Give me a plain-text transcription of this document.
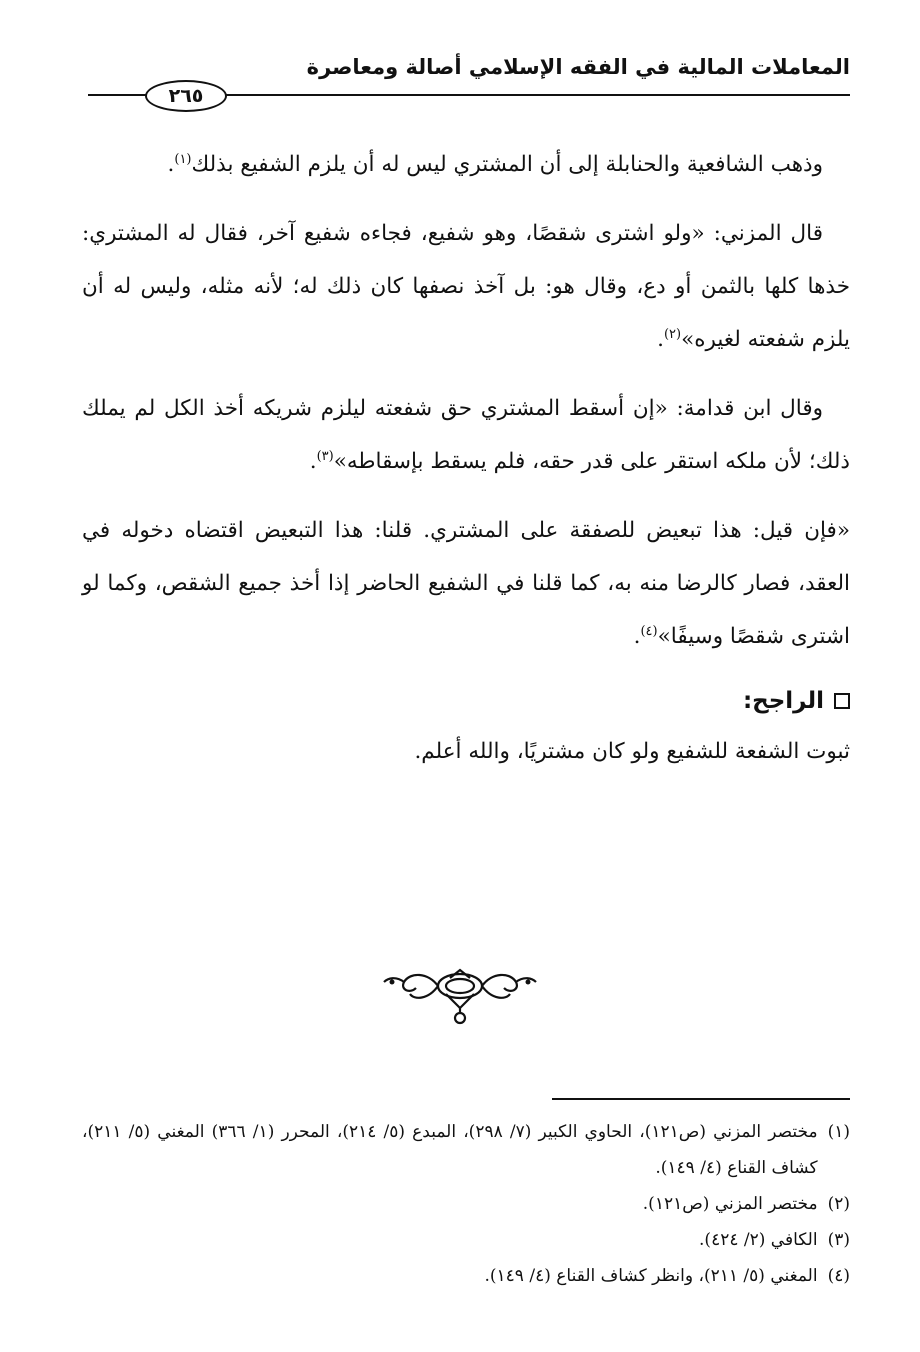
المعاملات المالية في الفقه الإسلامي أصالة ومعاصرة
٢٦٥

وذهب الشافعية والحنابلة إلى أن المشتري ليس له أن يلزم الشفيع بذلك$^{(١)}$.

قال المزني: «ولو اشترى شقصًا، وهو شفيع، فجاءه شفيع آخر، فقال له المشتري: خذها كلها بالثمن أو دع، وقال هو: بل آخذ نصفها كان ذلك له؛ لأنه مثله، وليس له أن يلزم شفعته لغيره»$^{(٢)}$.

وقال ابن قدامة: «إن أسقط المشتري حق شفعته ليلزم شريكه أخذ الكل لم يملك ذلك؛ لأن ملكه استقر على قدر حقه، فلم يسقط بإسقاطه»$^{(٣)}$.

«فإن قيل: هذا تبعيض للصفقة على المشتري. قلنا: هذا التبعيض اقتضاه دخوله في العقد، فصار كالرضا منه به، كما قلنا في الشفيع الحاضر إذا أخذ جميع الشقص، وكما لو اشترى شقصًا وسيفًا»$^{(٤)}$.

الراجح:

ثبوت الشفعة للشفيع ولو كان مشتريًا، والله أعلم.

(١)
مختصر المزني (ص١٢١)، الحاوي الكبير (٧/ ٢٩٨)، المبدع (٥/ ٢١٤)، المحرر (١/ ٣٦٦) المغني (٥/ ٢١١)، كشاف القناع (٤/ ١٤٩).

(٢)
مختصر المزني (ص١٢١).

(٣)
الكافي (٢/ ٤٢٤).

(٤)
المغني (٥/ ٢١١)، وانظر كشاف القناع (٤/ ١٤٩).
